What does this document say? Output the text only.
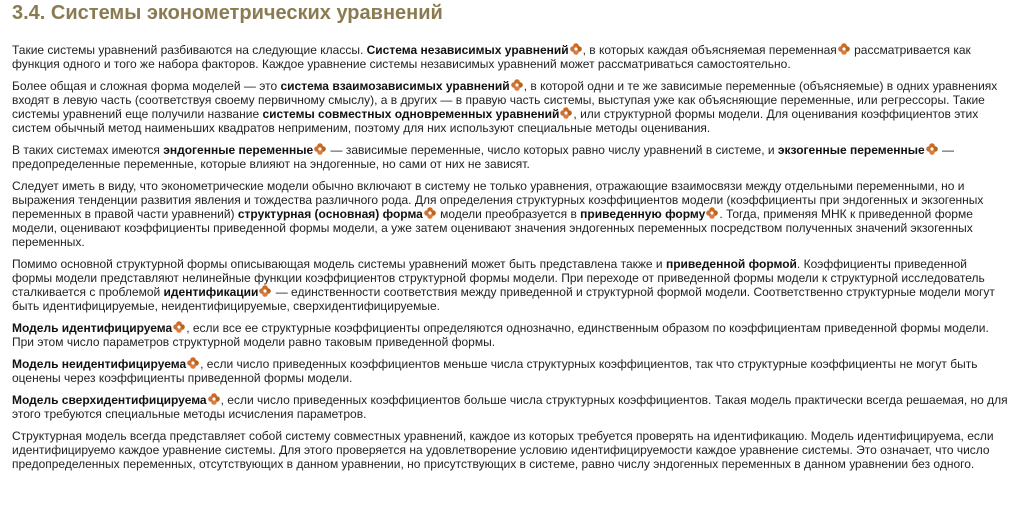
3.4. Системы эконометрических уравнений

Такие системы уравнений разбиваются на следующие классы. Система независимых уравнений , в которых каждая объясняемая переменная рассматривается как функция одного и того же набора факторов. Каждое уравнение системы независимых уравнений может рассматриваться самостоятельно.

Более общая и сложная форма моделей — это система взаимозависимых уравнений , в которой одни и те же зависимые переменные (объясняемые) в одних уравнениях входят в левую часть (соответствуя своему первичному смыслу), а в других — в правую часть системы, выступая уже как объясняющие переменные, или регрессоры. Такие системы уравнений еще получили название системы совместных одновременных уравнений , или структурной формы модели. Для оценивания коэффициентов этих систем обычный метод наименьших квадратов неприменим, поэтому для них используют специальные методы оценивания.

В таких системах имеются эндогенные переменные — зависимые переменные, число которых равно числу уравнений в системе, и экзогенные переменные — предопределенные переменные, которые влияют на эндогенные, но сами от них не зависят.

Следует иметь в виду, что эконометрические модели обычно включают в систему не только уравнения, отражающие взаимосвязи между отдельными переменными, но и выражения тенденции развития явления и тождества различного рода. Для определения структурных коэффициентов модели (коэффициенты при эндогенных и экзогенных переменных в правой части уравнений) структурная (основная) форма модели преобразуется в приведенную форму . Тогда, применяя МНК к приведенной форме модели, оценивают коэффициенты приведенной формы модели, а уже затем оценивают значения эндогенных переменных посредством полученных значений экзогенных переменных.

Помимо основной структурной формы описывающая модель системы уравнений может быть представлена также и приведенной формой. Коэффициенты приведенной формы модели представляют нелинейные функции коэффициентов структурной формы модели. При переходе от приведенной формы модели к структурной исследователь сталкивается с проблемой идентификации — единственности соответствия между приведенной и структурной формой модели. Соответственно структурные модели могут быть идентифицируемые, неидентифицируемые, сверхидентифицируемые.

Модель идентифицируема , если все ее структурные коэффициенты определяются однозначно, единственным образом по коэффициентам приведенной формы модели. При этом число параметров структурной модели равно таковым приведенной формы.

Модель неидентифицируема , если число приведенных коэффициентов меньше числа структурных коэффициентов, так что структурные коэффициенты не могут быть оценены через коэффициенты приведенной формы модели.

Модель сверхидентифицируема , если число приведенных коэффициентов больше числа структурных коэффициентов. Такая модель практически всегда решаемая, но для этого требуются специальные методы исчисления параметров.

Структурная модель всегда представляет собой систему совместных уравнений, каждое из которых требуется проверять на идентификацию. Модель идентифицируема, если идентифицируемо каждое уравнение системы. Для этого проверяется на удовлетворение условию идентифицируемости каждое уравнение системы. Это означает, что число предопределенных переменных, отсутствующих в данном уравнении, но присутствующих в системе, равно числу эндогенных переменных в данном уравнении без одного.
